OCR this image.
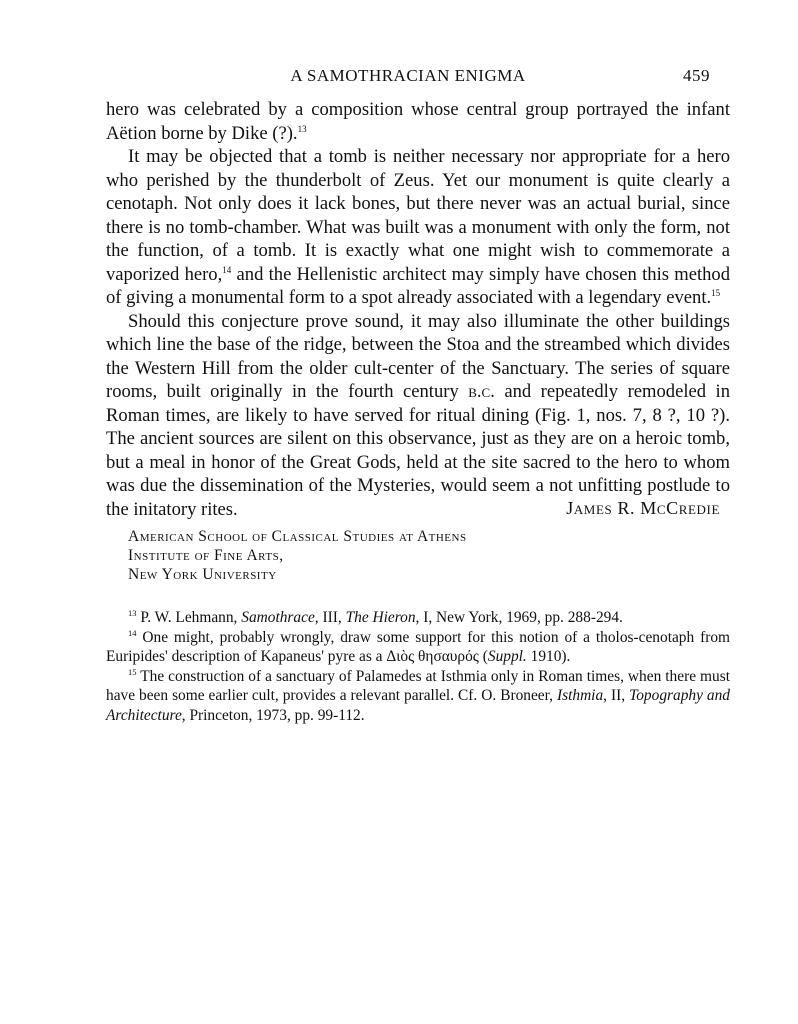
A SAMOTHRACIAN ENIGMA	459

hero was celebrated by a composition whose central group portrayed the infant Aëtion borne by Dike (?).$^{13}$

It may be objected that a tomb is neither necessary nor appropriate for a hero who perished by the thunderbolt of Zeus. Yet our monument is quite clearly a cenotaph. Not only does it lack bones, but there never was an actual burial, since there is no tomb-chamber. What was built was a monument with only the form, not the function, of a tomb. It is exactly what one might wish to commemorate a vaporized hero,$^{14}$ and the Hellenistic architect may simply have chosen this method of giving a monumental form to a spot already associated with a legendary event.$^{15}$

Should this conjecture prove sound, it may also illuminate the other buildings which line the base of the ridge, between the Stoa and the streambed which divides the Western Hill from the older cult-center of the Sanctuary. The series of square rooms, built originally in the fourth century b.c. and repeatedly remodeled in Roman times, are likely to have served for ritual dining (Fig. 1, nos. 7, 8 ?, 10 ?). The ancient sources are silent on this observance, just as they are on a heroic tomb, but a meal in honor of the Great Gods, held at the site sacred to the hero to whom was due the dissemination of the Mysteries, would seem a not unfitting postlude to the initatory rites.	James R. McCredie
American School of Classical Studies at Athens
Institute of Fine Arts,
New York University

$^{13}$ P. W. Lehmann, Samothrace, III, The Hieron, I, New York, 1969, pp. 288-294.

$^{14}$ One might, probably wrongly, draw some support for this notion of a tholos-cenotaph from Euripides' description of Kapaneus' pyre as a Διὸς θησαυρός (Suppl. 1910).

$^{15}$ The construction of a sanctuary of Palamedes at Isthmia only in Roman times, when there must have been some earlier cult, provides a relevant parallel. Cf. O. Broneer, Isthmia, II, Topography and Architecture, Princeton, 1973, pp. 99-112.
